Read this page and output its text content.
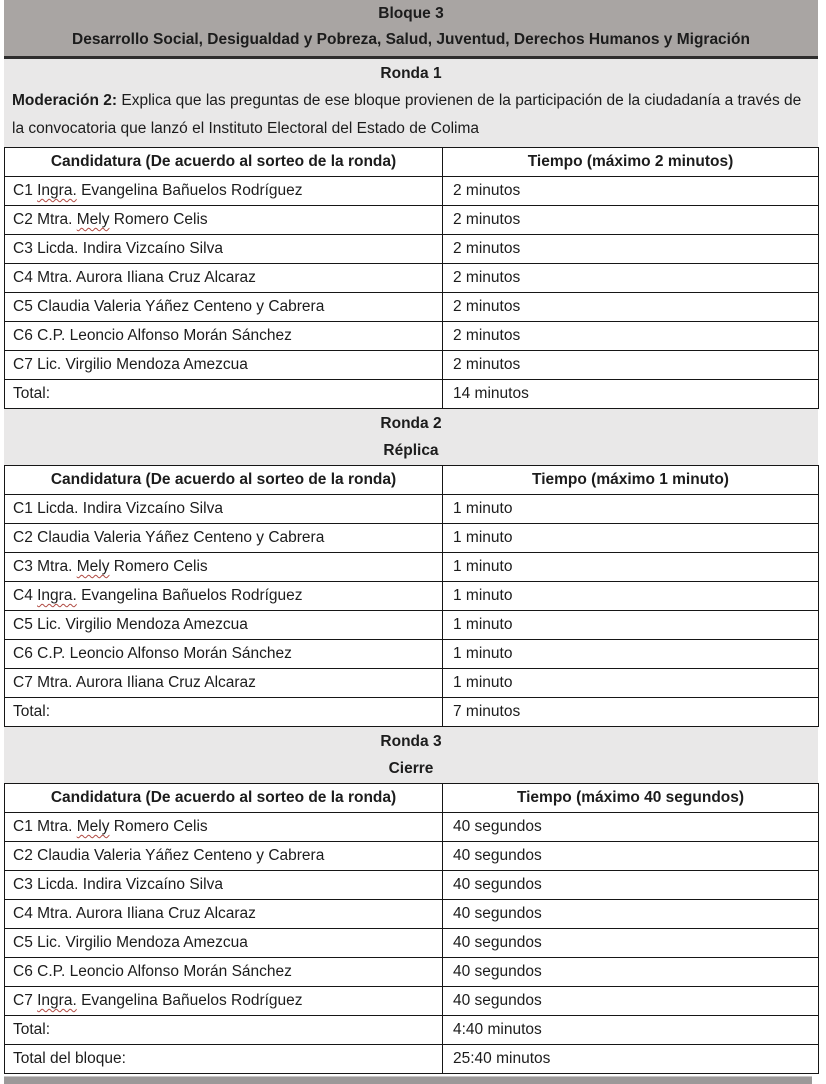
Bloque 3
Desarrollo Social, Desigualdad y Pobreza, Salud, Juventud, Derechos Humanos y Migración
Ronda 1
Moderación 2: Explica que las preguntas de ese bloque provienen de la participación de la ciudadanía a través de la convocatoria que lanzó el Instituto Electoral del Estado de Colima
Candidatura (De acuerdo al sorteo de la ronda)	Tiempo (máximo 2 minutos)
C1 Ingra. Evangelina Bañuelos Rodríguez	2 minutos
C2 Mtra. Mely Romero Celis	2 minutos
C3 Licda. Indira Vizcaíno Silva	2 minutos
C4 Mtra. Aurora Iliana Cruz Alcaraz	2 minutos
C5 Claudia Valeria Yáñez Centeno y Cabrera	2 minutos
C6 C.P. Leoncio Alfonso Morán Sánchez	2 minutos
C7 Lic. Virgilio Mendoza Amezcua	2 minutos
Total:	14 minutos
Ronda 2
Réplica
Candidatura (De acuerdo al sorteo de la ronda)	Tiempo (máximo 1 minuto)
C1 Licda. Indira Vizcaíno Silva	1 minuto
C2 Claudia Valeria Yáñez Centeno y Cabrera	1 minuto
C3 Mtra. Mely Romero Celis	1 minuto
C4 Ingra. Evangelina Bañuelos Rodríguez	1 minuto
C5 Lic. Virgilio Mendoza Amezcua	1 minuto
C6 C.P. Leoncio Alfonso Morán Sánchez	1 minuto
C7 Mtra. Aurora Iliana Cruz Alcaraz	1 minuto
Total:	7 minutos
Ronda 3
Cierre
Candidatura (De acuerdo al sorteo de la ronda)	Tiempo (máximo 40 segundos)
C1 Mtra. Mely Romero Celis	40 segundos
C2 Claudia Valeria Yáñez Centeno y Cabrera	40 segundos
C3 Licda. Indira Vizcaíno Silva	40 segundos
C4 Mtra. Aurora Iliana Cruz Alcaraz	40 segundos
C5 Lic. Virgilio Mendoza Amezcua	40 segundos
C6 C.P. Leoncio Alfonso Morán Sánchez	40 segundos
C7 Ingra. Evangelina Bañuelos Rodríguez	40 segundos
Total:	4:40 minutos
Total del bloque:	25:40 minutos
